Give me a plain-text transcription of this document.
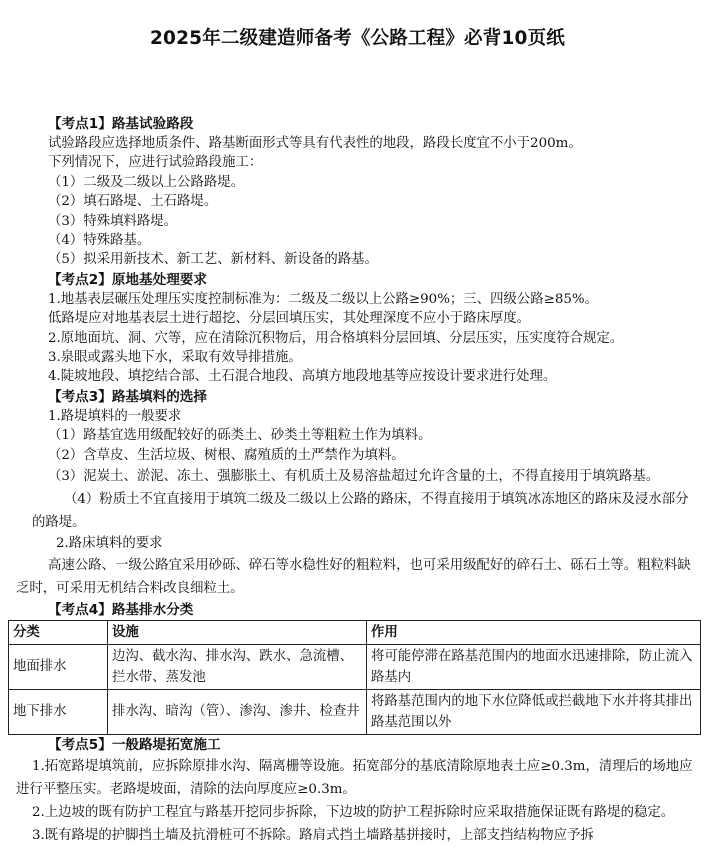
2025年二级建造师备考《公路工程》必背10页纸
【考点1】路基试验路段
试验路段应选择地质条件、路基断面形式等具有代表性的地段，路段长度宜不小于200m。
下列情况下，应进行试验路段施工：
（1）二级及二级以上公路路堤。
（2）填石路堤、土石路堤。
（3）特殊填料路堤。
（4）特殊路基。
（5）拟采用新技术、新工艺、新材料、新设备的路基。
【考点2】原地基处理要求
1.地基表层碾压处理压实度控制标准为：二级及二级以上公路≥90%；三、四级公路≥85%。
低路堤应对地基表层土进行超挖、分层回填压实，其处理深度不应小于路床厚度。
2.原地面坑、洞、穴等，应在清除沉积物后，用合格填料分层回填、分层压实，压实度符合规定。
3.泉眼或露头地下水，采取有效导排措施。
4.陡坡地段、填挖结合部、土石混合地段、高填方地段地基等应按设计要求进行处理。
【考点3】路基填料的选择
1.路堤填料的一般要求
（1）路基宜选用级配较好的砾类土、砂类土等粗粒土作为填料。
（2）含草皮、生活垃圾、树根、腐殖质的土严禁作为填料。
（3）泥炭土、淤泥、冻土、强膨胀土、有机质土及易溶盐超过允许含量的土，不得直接用于填筑路基。
（4）粉质土不宜直接用于填筑二级及二级以上公路的路床，不得直接用于填筑冰冻地区的路床及浸水部分的路堤。
2.路床填料的要求
高速公路、一级公路宜采用砂砾、碎石等水稳性好的粗粒料，也可采用级配好的碎石土、砾石土等。粗粒料缺乏时，可采用无机结合料改良细粒土。
【考点4】路基排水分类
分类	设施	作用
地面排水	边沟、截水沟、排水沟、跌水、急流槽、拦水带、蒸发池	将可能停滞在路基范围内的地面水迅速排除，防止流入路基内
地下排水	排水沟、暗沟（管）、渗沟、渗井、检查井	将路基范围内的地下水位降低或拦截地下水并将其排出路基范围以外
【考点5】一般路堤拓宽施工
1.拓宽路堤填筑前，应拆除原排水沟、隔离栅等设施。拓宽部分的基底清除原地表土应≥0.3m，清理后的场地应进行平整压实。老路堤坡面，清除的法向厚度应≥0.3m。
2.上边坡的既有防护工程宜与路基开挖同步拆除，下边坡的防护工程拆除时应采取措施保证既有路堤的稳定。
3.既有路堤的护脚挡土墙及抗滑桩可不拆除。路肩式挡土墙路基拼接时，上部支挡结构物应予拆
